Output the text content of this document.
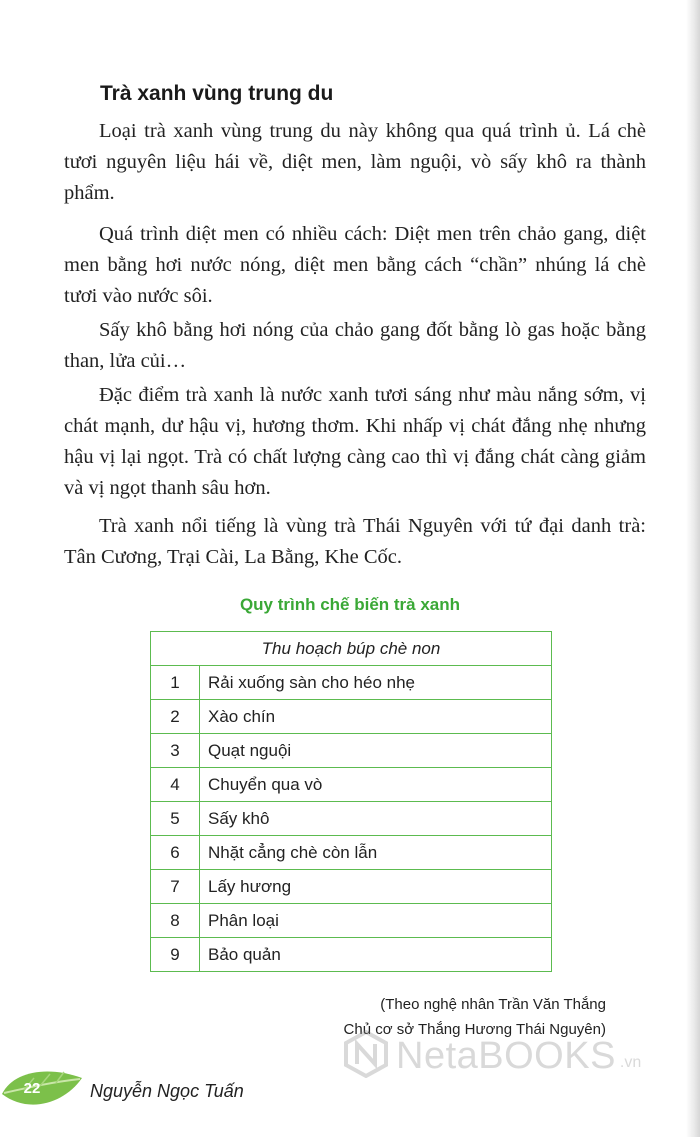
Trà xanh vùng trung du

Loại trà xanh vùng trung du này không qua quá trình ủ. Lá chè tươi nguyên liệu hái về, diệt men, làm nguội, vò sấy khô ra thành phẩm.

Quá trình diệt men có nhiều cách: Diệt men trên chảo gang, diệt men bằng hơi nước nóng, diệt men bằng cách “chần” nhúng lá chè tươi vào nước sôi.

Sấy khô bằng hơi nóng của chảo gang đốt bằng lò gas hoặc bằng than, lửa củi…

Đặc điểm trà xanh là nước xanh tươi sáng như màu nắng sớm, vị chát mạnh, dư hậu vị, hương thơm. Khi nhấp vị chát đắng nhẹ nhưng hậu vị lại ngọt. Trà có chất lượng càng cao thì vị đắng chát càng giảm và vị ngọt thanh sâu hơn.

Trà xanh nổi tiếng là vùng trà Thái Nguyên với tứ đại danh trà: Tân Cương, Trại Cài, La Bằng, Khe Cốc.

Quy trình chế biến trà xanh
Thu hoạch búp chè non	
1	Rải xuống sàn cho héo nhẹ
2	Xào chín
3	Quạt nguội
4	Chuyển qua vò
5	Sấy khô
6	Nhặt cẳng chè còn lẫn
7	Lấy hương
8	Phân loại
9	Bảo quản
(Theo nghệ nhân Trần Văn Thắng
Chủ cơ sở Thắng Hương Thái Nguyên)
NetaBOOKS .vn
22	Nguyễn Ngọc Tuấn
